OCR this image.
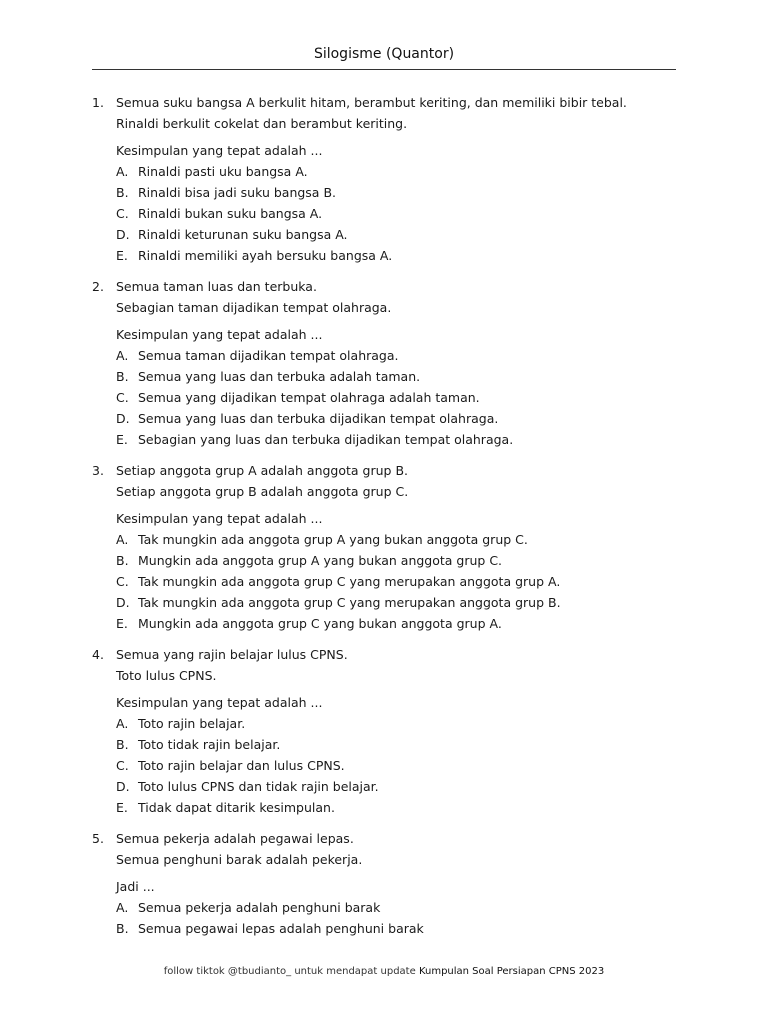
Silogisme (Quantor)
1. Semua suku bangsa A berkulit hitam, berambut keriting, dan memiliki bibir tebal.
Rinaldi berkulit cokelat dan berambut keriting.
Kesimpulan yang tepat adalah ...
A. Rinaldi pasti uku bangsa A.
B. Rinaldi bisa jadi suku bangsa B.
C. Rinaldi bukan suku bangsa A.
D. Rinaldi keturunan suku bangsa A.
E. Rinaldi memiliki ayah bersuku bangsa A.
2. Semua taman luas dan terbuka.
Sebagian taman dijadikan tempat olahraga.
Kesimpulan yang tepat adalah ...
A. Semua taman dijadikan tempat olahraga.
B. Semua yang luas dan terbuka adalah taman.
C. Semua yang dijadikan tempat olahraga adalah taman.
D. Semua yang luas dan terbuka dijadikan tempat olahraga.
E. Sebagian yang luas dan terbuka dijadikan tempat olahraga.
3. Setiap anggota grup A adalah anggota grup B.
Setiap anggota grup B adalah anggota grup C.
Kesimpulan yang tepat adalah ...
A. Tak mungkin ada anggota grup A yang bukan anggota grup C.
B. Mungkin ada anggota grup A yang bukan anggota grup C.
C. Tak mungkin ada anggota grup C yang merupakan anggota grup A.
D. Tak mungkin ada anggota grup C yang merupakan anggota grup B.
E. Mungkin ada anggota grup C yang bukan anggota grup A.
4. Semua yang rajin belajar lulus CPNS.
Toto lulus CPNS.
Kesimpulan yang tepat adalah ...
A. Toto rajin belajar.
B. Toto tidak rajin belajar.
C. Toto rajin belajar dan lulus CPNS.
D. Toto lulus CPNS dan tidak rajin belajar.
E. Tidak dapat ditarik kesimpulan.
5. Semua pekerja adalah pegawai lepas.
Semua penghuni barak adalah pekerja.
Jadi ...
A. Semua pekerja adalah penghuni barak
B. Semua pegawai lepas adalah penghuni barak
follow tiktok @tbudianto_ untuk mendapat update Kumpulan Soal Persiapan CPNS 2023
